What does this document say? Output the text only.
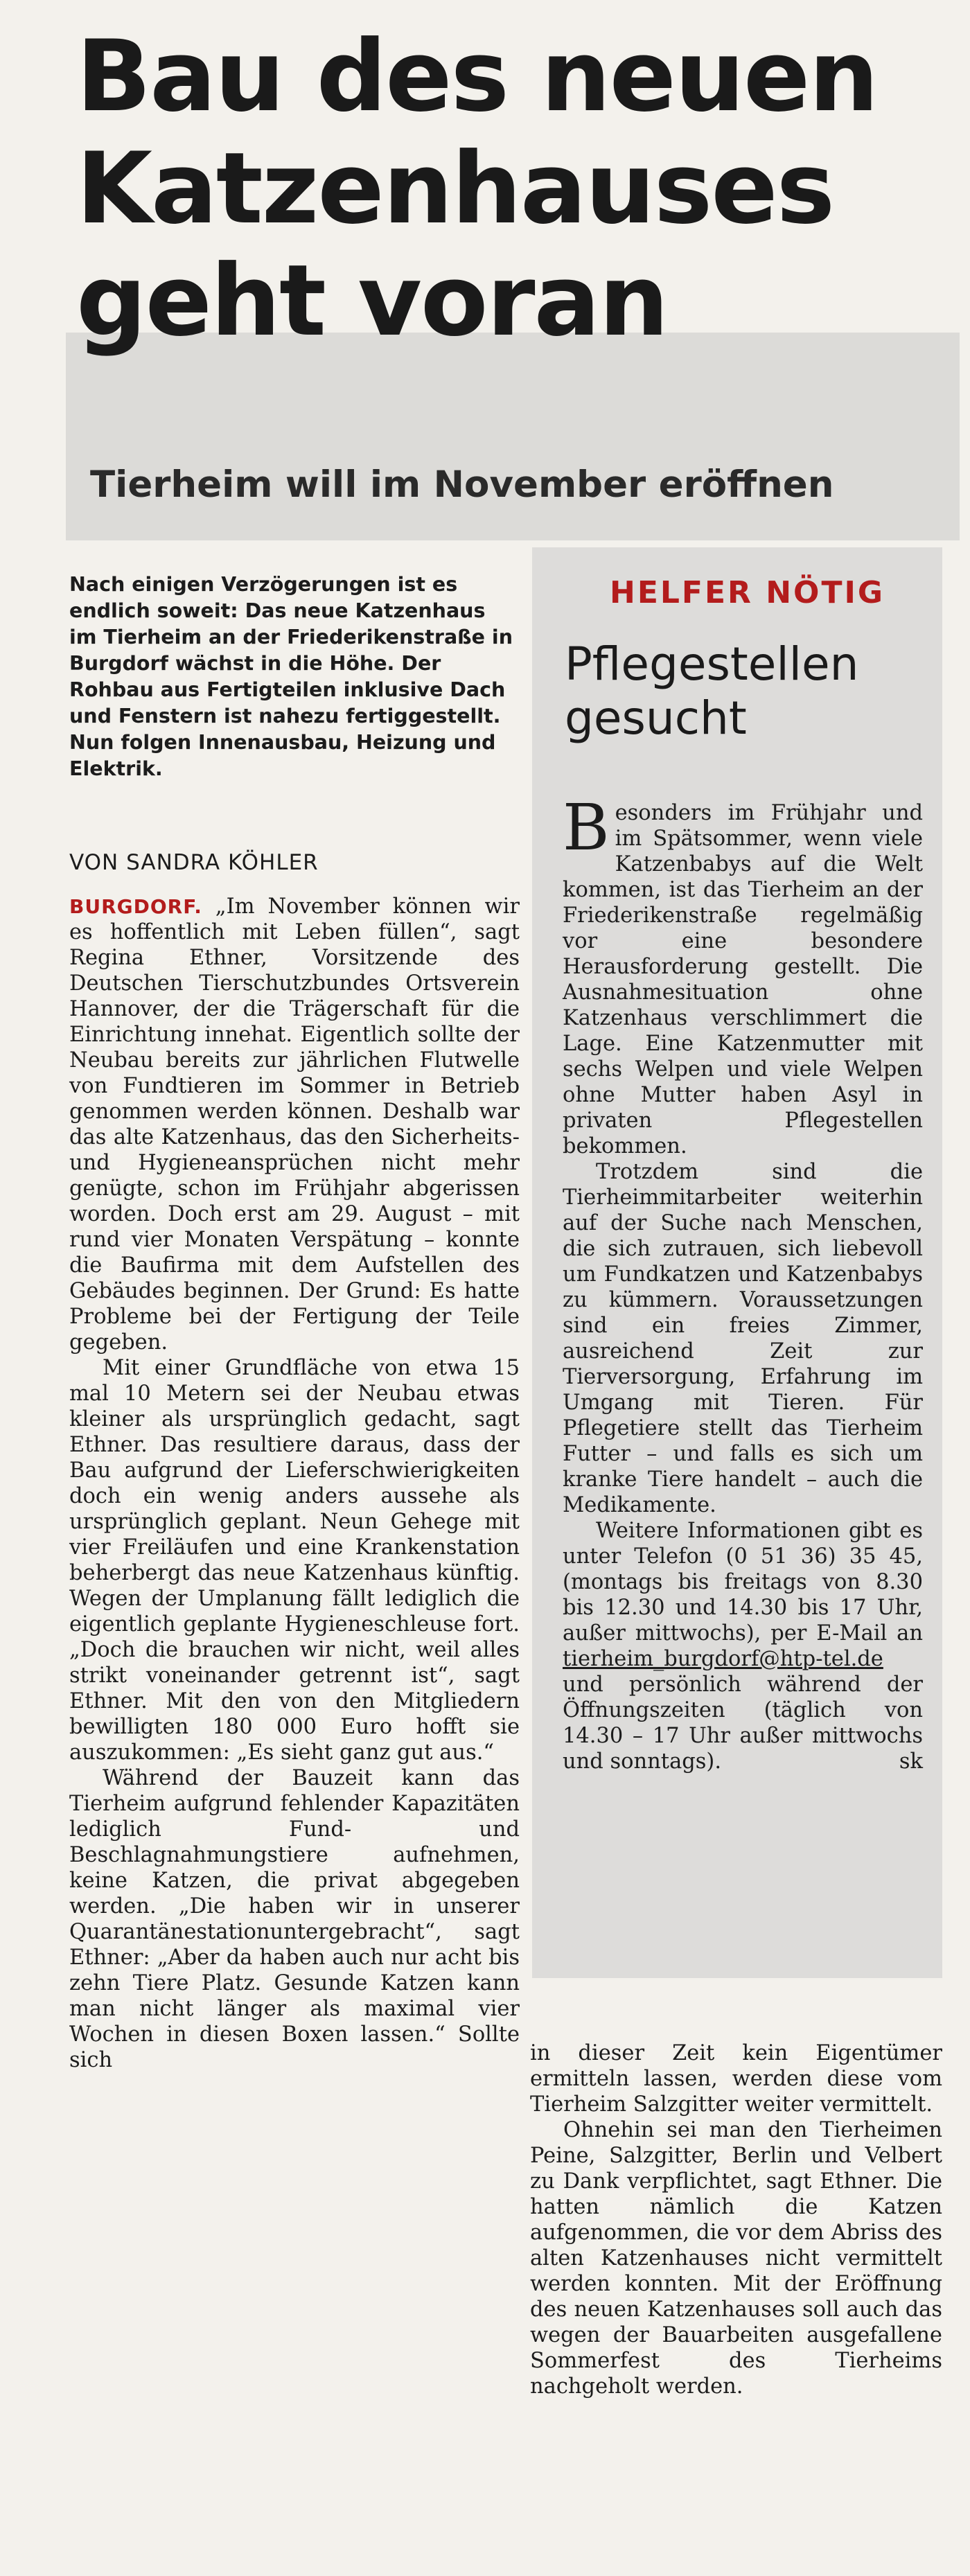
Bau des neuen Katzenhauses geht voran
Tierheim will im November eröffnen
Nach einigen Verzögerungen ist es endlich soweit: Das neue Katzenhaus im Tierheim an der Friederikenstraße in Burgdorf wächst in die Höhe. Der Rohbau aus Fertigteilen inklusive Dach und Fenstern ist nahezu fertiggestellt. Nun folgen Innenausbau, Heizung und Elektrik.
VON SANDRA KÖHLER

BURGDORF. „Im November können wir es hoffentlich mit Leben füllen“, sagt Regina Ethner, Vorsitzende des Deutschen Tierschutzbundes Ortsverein Hannover, der die Trägerschaft für die Einrichtung innehat. Eigentlich sollte der Neubau bereits zur jährlichen Flutwelle von Fundtieren im Sommer in Betrieb genommen werden können. Deshalb war das alte Katzenhaus, das den Sicherheits- und Hygieneansprüchen nicht mehr genügte, schon im Frühjahr abgerissen worden. Doch erst am 29. August – mit rund vier Monaten Verspätung – konnte die Baufirma mit dem Aufstellen des Gebäudes beginnen. Der Grund: Es hatte Probleme bei der Fertigung der Teile gegeben.

Mit einer Grundfläche von etwa 15 mal 10 Metern sei der Neubau etwas kleiner als ursprünglich gedacht, sagt Ethner. Das resultiere daraus, dass der Bau aufgrund der Lieferschwierigkeiten doch ein wenig anders aussehe als ursprünglich geplant. Neun Gehege mit vier Freiläufen und eine Krankenstation beherbergt das neue Katzenhaus künftig. Wegen der Umplanung fällt lediglich die eigentlich geplante Hygieneschleuse fort. „Doch die brauchen wir nicht, weil alles strikt voneinander getrennt ist“, sagt Ethner. Mit den von den Mitgliedern bewilligten 180 000 Euro hofft sie auszukommen: „Es sieht ganz gut aus.“

Während der Bauzeit kann das Tierheim aufgrund fehlender Kapazitäten lediglich Fund- und Beschlagnahmungstiere aufnehmen, keine Katzen, die privat abgegeben werden. „Die haben wir in unserer Quarantänestationuntergebracht“, sagt Ethner: „Aber da haben auch nur acht bis zehn Tiere Platz. Gesunde Katzen kann man nicht länger als maximal vier Wochen in diesen Boxen lassen.“ Sollte sich

HELFER NÖTIG
Pflegestellen gesucht

Besonders im Frühjahr und im Spätsommer, wenn viele Katzenbabys auf die Welt kommen, ist das Tierheim an der Friederikenstraße regelmäßig vor eine besondere Herausforderung gestellt. Die Ausnahmesituation ohne Katzenhaus verschlimmert die Lage. Eine Katzenmutter mit sechs Welpen und viele Welpen ohne Mutter haben Asyl in privaten Pflegestellen bekommen.

Trotzdem sind die Tierheimmitarbeiter weiterhin auf der Suche nach Menschen, die sich zutrauen, sich liebevoll um Fundkatzen und Katzenbabys zu kümmern. Voraussetzungen sind ein freies Zimmer, ausreichend Zeit zur Tierversorgung, Erfahrung im Umgang mit Tieren. Für Pflegetiere stellt das Tierheim Futter – und falls es sich um kranke Tiere handelt – auch die Medikamente.

Weitere Informationen gibt es unter Telefon (0 51 36) 35 45, (montags bis freitags von 8.30 bis 12.30 und 14.30 bis 17 Uhr, außer mittwochs), per E-Mail an tierheim_burgdorf@htp-tel.de und persönlich während der Öffnungszeiten (täglich von 14.30 – 17 Uhr außer mittwochs und sonntags).	sk

in dieser Zeit kein Eigentümer ermitteln lassen, werden diese vom Tierheim Salzgitter weiter vermittelt.

Ohnehin sei man den Tierheimen Peine, Salzgitter, Berlin und Velbert zu Dank verpflichtet, sagt Ethner. Die hatten nämlich die Katzen aufgenommen, die vor dem Abriss des alten Katzenhauses nicht vermittelt werden konnten. Mit der Eröffnung des neuen Katzenhauses soll auch das wegen der Bauarbeiten ausgefallene Sommerfest des Tierheims nachgeholt werden.
